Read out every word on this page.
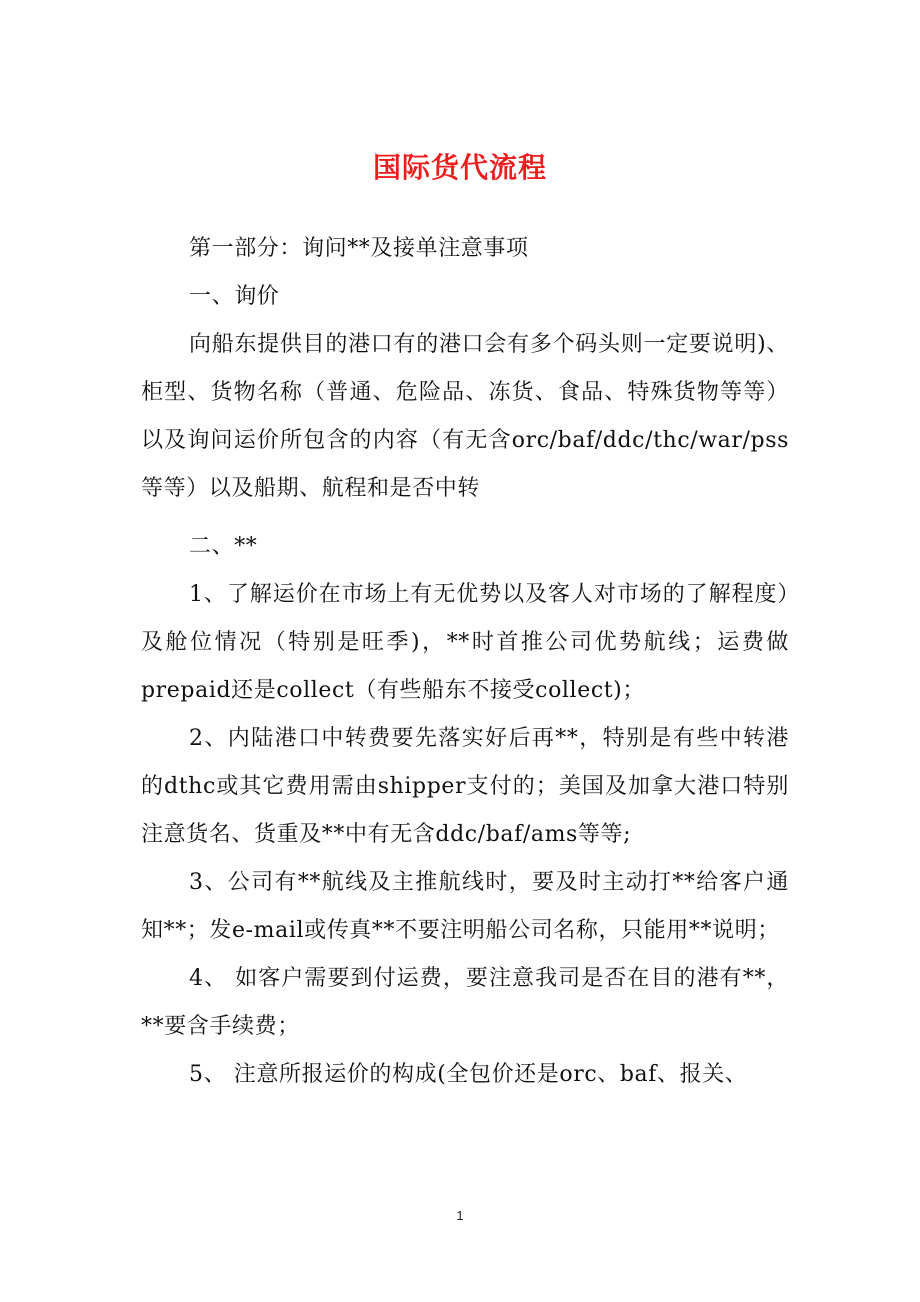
国际货代流程

第一部分：询问**及接单注意事项

一、询价

向船东提供目的港口有的港口会有多个码头则一定要说明)、柜型、货物名称（普通、危险品、冻货、食品、特殊货物等等）以及询问运价所包含的内容（有无含orc/baf/ddc/thc/war/pss等等）以及船期、航程和是否中转

二、**

1、了解运价在市场上有无优势以及客人对市场的了解程度）及舱位情况（特别是旺季)，**时首推公司优势航线；运费做prepaid还是collect（有些船东不接受collect)；

2、内陆港口中转费要先落实好后再**，特别是有些中转港的dthc或其它费用需由shipper支付的；美国及加拿大港口特别注意货名、货重及**中有无含ddc/baf/ams等等;

3、公司有**航线及主推航线时，要及时主动打**给客户通知**；发e-mail或传真**不要注明船公司名称，只能用**说明；

4、 如客户需要到付运费，要注意我司是否在目的港有**，**要含手续费；

5、 注意所报运价的构成(全包价还是orc、baf、报关、

1
